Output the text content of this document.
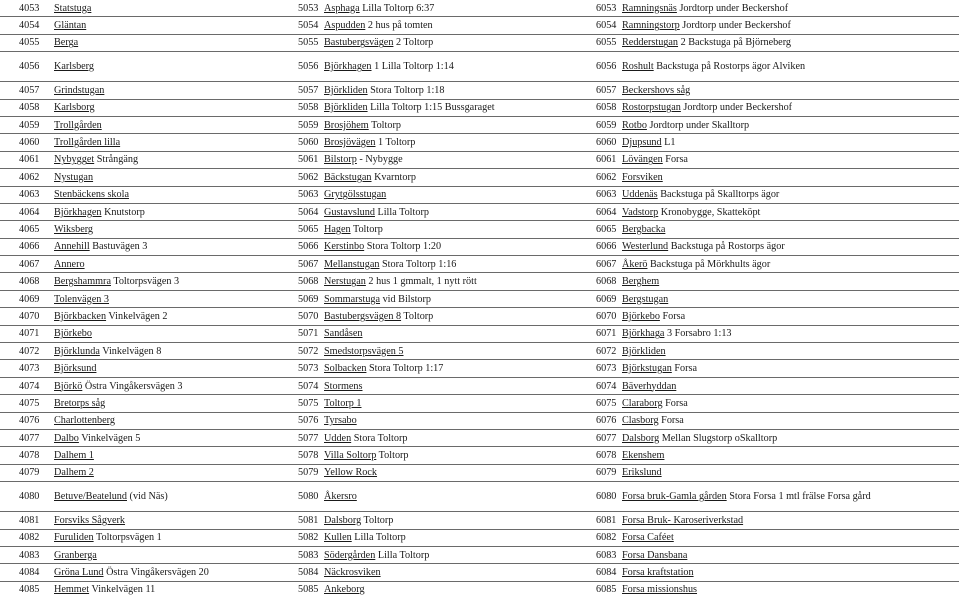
4053	Statstuga	5053	Asphaga Lilla Toltorp 6:37	6053	Ramningsnäs Jordtorp under Beckershof
4054	Gläntan	5054	Aspudden 2 hus på tomten	6054	Ramningstorp Jordtorp under Beckershof
4055	Berga	5055	Bastubergsvägen 2 Toltorp	6055	Redderstugan 2 Backstuga på Björneberg
4056	Karlsberg	5056	Björkhagen 1 Lilla Toltorp 1:14	6056	Roshult Backstuga på Rostorps ägor Alviken
4057	Grindstugan	5057	Björkliden Stora Toltorp 1:18	6057	Beckershovs såg
4058	Karlsborg	5058	Björkliden Lilla Toltorp 1:15 Bussgaraget	6058	Rostorpstugan Jordtorp under Beckershof
4059	Trollgården	5059	Brosjöhem Toltorp	6059	Rotbo Jordtorp under Skalltorp
4060	Trollgården lilla	5060	Brosjövägen 1 Toltorp	6060	Djupsund L1
4061	Nybygget Strångäng	5061	Bilstorp - Nybygge	6061	Lövängen Forsa
4062	Nystugan	5062	Bäckstugan Kvarntorp	6062	Forsviken
4063	Stenbäckens skola	5063	Grytgölsstugan	6063	Uddenäs Backstuga på Skalltorps ägor
4064	Björkhagen Knutstorp	5064	Gustavslund Lilla Toltorp	6064	Vadstorp Kronobygge, Skatteköpt
4065	Wiksberg	5065	Hagen Toltorp	6065	Bergbacka
4066	Annehill Bastuvägen 3	5066	Kerstinbo Stora Toltorp 1:20	6066	Westerlund Backstuga på Rostorps ägor
4067	Annero	5067	Mellanstugan Stora Toltorp 1:16	6067	Åkerö Backstuga på Mörkhults ägor
4068	Bergshammra Toltorpsvägen 3	5068	Nerstugan 2 hus 1 gmmalt, 1 nytt rött	6068	Berghem
4069	Tolenvägen 3	5069	Sommarstuga vid Bilstorp	6069	Bergstugan
4070	Björkbacken Vinkelvägen 2	5070	Bastubergsvägen 8 Toltorp	6070	Björkebo Forsa
4071	Björkebo	5071	Sandåsen	6071	Björkhaga 3 Forsabro 1:13
4072	Björklunda Vinkelvägen 8	5072	Smedstorpsvägen 5	6072	Björkliden
4073	Björksund	5073	Solbacken Stora Toltorp 1:17	6073	Björkstugan Forsa
4074	Björkö Östra Vingåkersvägen 3	5074	Stormens	6074	Bäverhyddan
4075	Bretorps såg	5075	Toltorp 1	6075	Claraborg Forsa
4076	Charlottenberg	5076	Tyrsabo	6076	Clasborg Forsa
4077	Dalbo Vinkelvägen 5	5077	Udden Stora Toltorp	6077	Dalsborg Mellan Slugstorp oSkalltorp
4078	Dalhem 1	5078	Villa Soltorp Toltorp	6078	Ekenshem
4079	Dalhem 2	5079	Yellow Rock	6079	Erikslund
4080	Betuve/Beatelund (vid Näs)	5080	Åkersro	6080	Forsa bruk-Gamla gården Stora Forsa 1 mtl frälse Forsa gård
4081	Forsviks Sågverk	5081	Dalsborg Toltorp	6081	Forsa Bruk- Karoseriverkstad
4082	Furuliden Toltorpsvägen 1	5082	Kullen Lilla Toltorp	6082	Forsa Caféet
4083	Granberga	5083	Södergården Lilla Toltorp	6083	Forsa Dansbana
4084	Gröna Lund Östra Vingåkersvägen 20	5084	Näckrosviken	6084	Forsa kraftstation
4085	Hemmet Vinkelvägen 11	5085	Ankeborg	6085	Forsa missionshus
